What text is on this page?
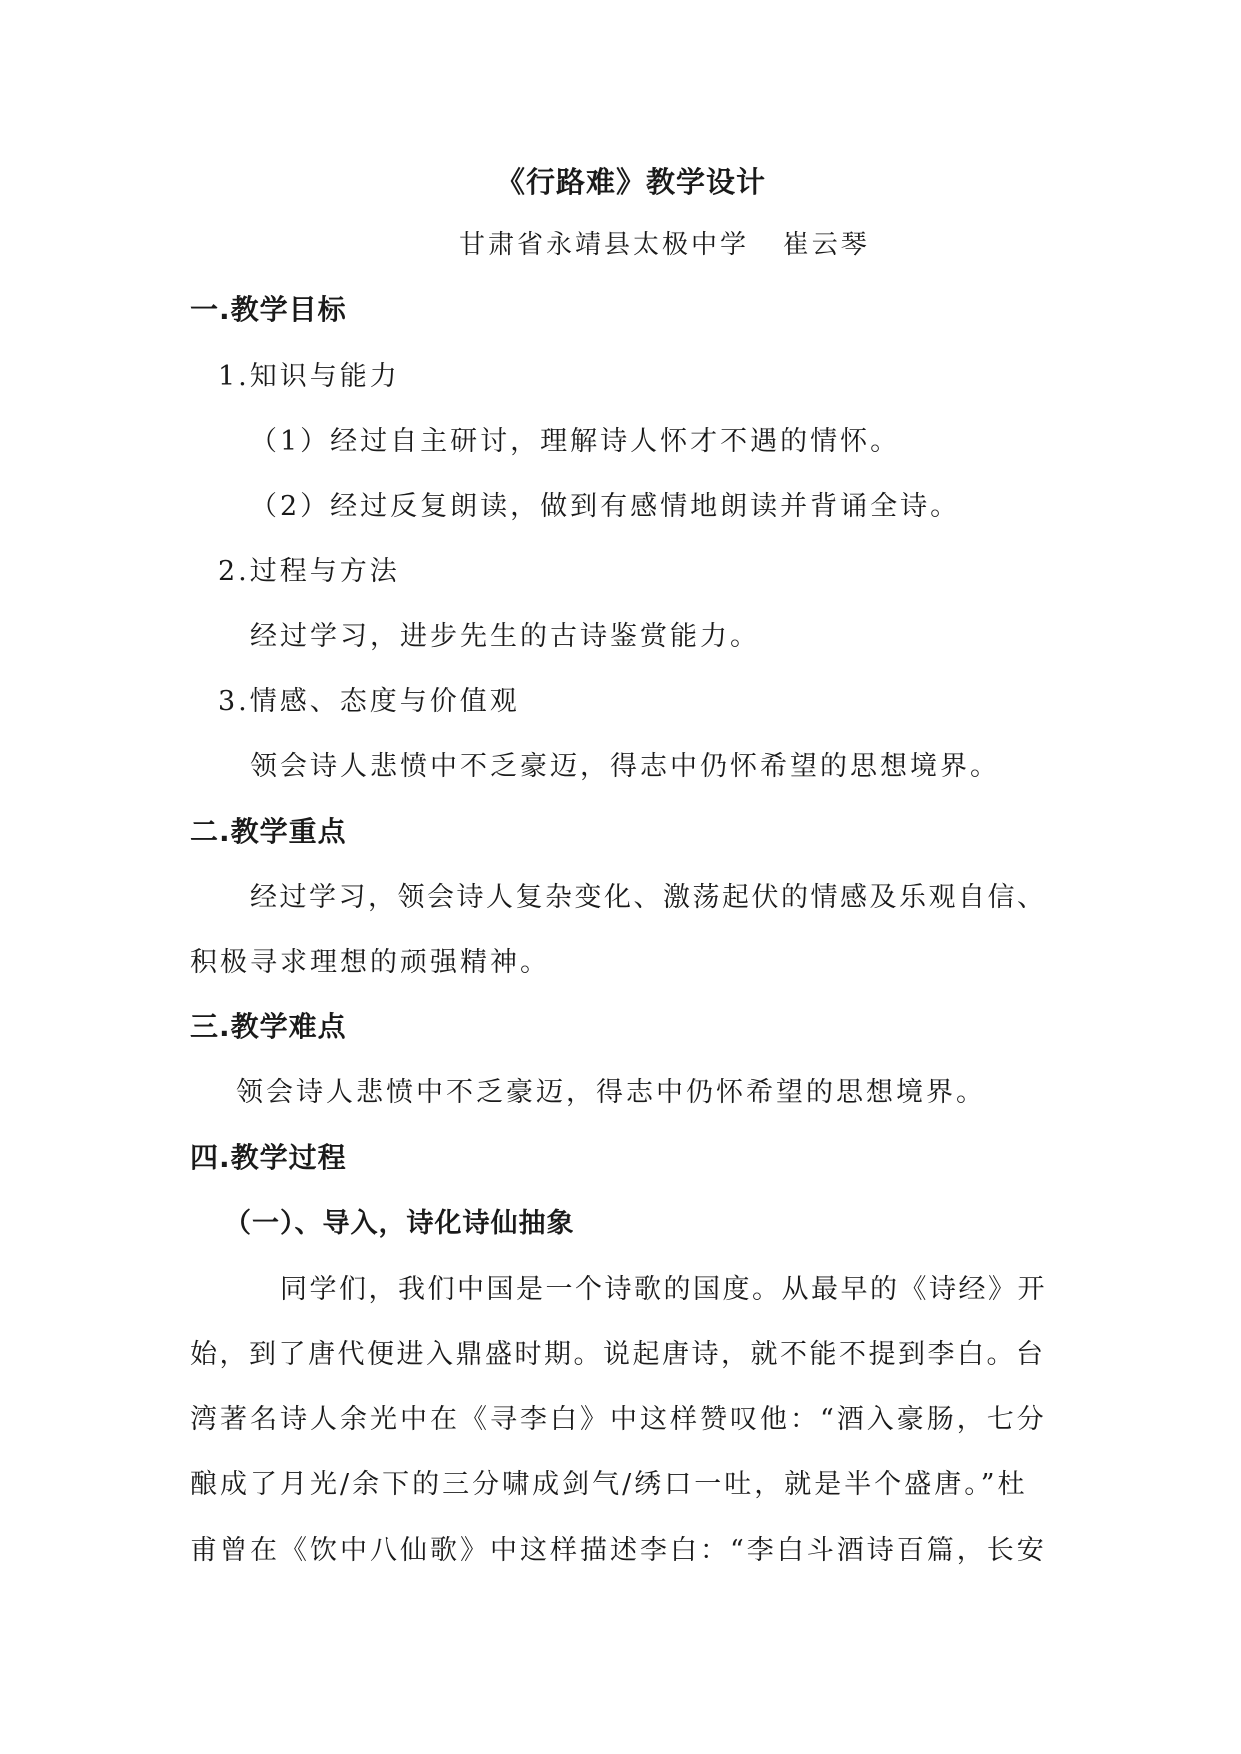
《行路难》教学设计
甘肃省永靖县太极中学   崔云琴
一.教学目标
1.知识与能力
（1）经过自主研讨，理解诗人怀才不遇的情怀。
（2）经过反复朗读，做到有感情地朗读并背诵全诗。
2.过程与方法
经过学习，进步先生的古诗鉴赏能力。
3.情感、态度与价值观
领会诗人悲愤中不乏豪迈，得志中仍怀希望的思想境界。
二.教学重点
经过学习，领会诗人复杂变化、激荡起伏的情感及乐观自信、
积极寻求理想的顽强精神。
三.教学难点
领会诗人悲愤中不乏豪迈，得志中仍怀希望的思想境界。
四.教学过程
（一）、导入，诗化诗仙抽象
同学们，我们中国是一个诗歌的国度。从最早的《诗经》开
始，到了唐代便进入鼎盛时期。说起唐诗，就不能不提到李白。台
湾著名诗人余光中在《寻李白》中这样赞叹他：“酒入豪肠，七分
酿成了月光/余下的三分啸成剑气/绣口一吐，就是半个盛唐。”杜
甫曾在《饮中八仙歌》中这样描述李白：“李白斗酒诗百篇，长安
